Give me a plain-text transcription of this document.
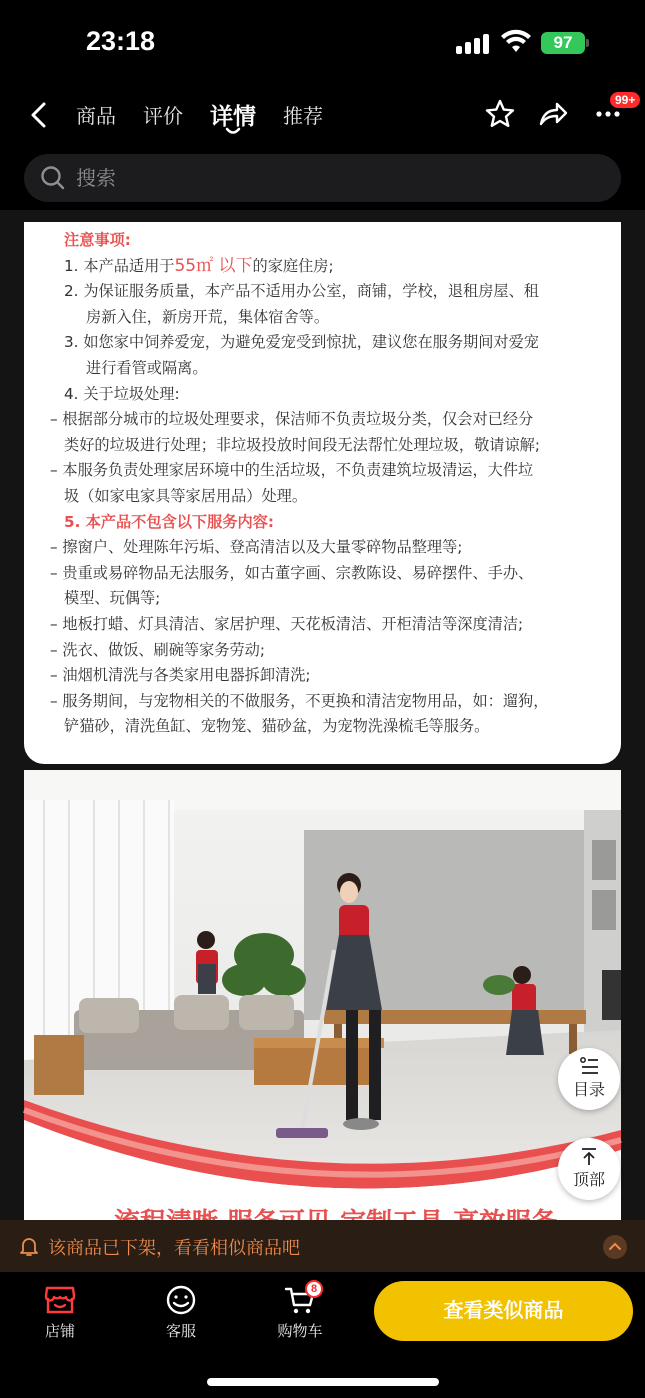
23:18	97
商品 评价 详情 推荐
99+
搜索
注意事项:
1. 本产品适用于55㎡ 以下的家庭住房;
2. 为保证服务质量，本产品不适用办公室，商铺，学校，退租房屋、租
房新入住，新房开荒，集体宿舍等。
3. 如您家中饲养爱宠，为避免爱宠受到惊扰，建议您在服务期间对爱宠
进行看管或隔离。
4. 关于垃圾处理:
– 根据部分城市的垃圾处理要求，保洁师不负责垃圾分类，仅会对已经分
类好的垃圾进行处理；非垃圾投放时间段无法帮忙处理垃圾，敬请谅解;
– 本服务负责处理家居环境中的生活垃圾，不负责建筑垃圾清运，大件垃
圾（如家电家具等家居用品）处理。
5. 本产品不包含以下服务内容:
– 擦窗户、处理陈年污垢、登高清洁以及大量零碎物品整理等;
– 贵重或易碎物品无法服务，如古董字画、宗教陈设、易碎摆件、手办、
模型、玩偶等;
– 地板打蜡、灯具清洁、家居护理、天花板清洁、开柜清洁等深度清洁;
– 洗衣、做饭、刷碗等家务劳动;
– 油烟机清洗与各类家用电器拆卸清洗;
– 服务期间，与宠物相关的不做服务，不更换和清洁宠物用品，如：遛狗，
铲猫砂，清洗鱼缸、宠物笼、猫砂盆，为宠物洗澡梳毛等服务。
目录
顶部
该商品已下架，看看相似商品吧
店铺	客服
8
购物车
查看类似商品
